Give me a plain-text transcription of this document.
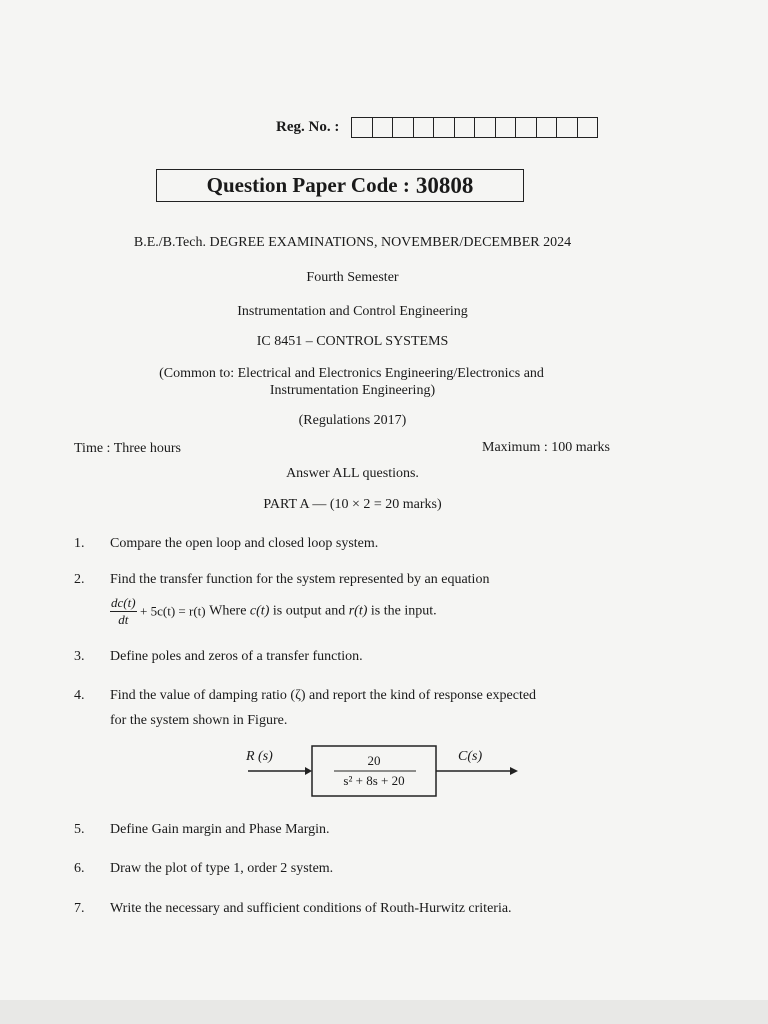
Reg. No. :
Question Paper Code : 30808
B.E./B.Tech. DEGREE EXAMINATIONS, NOVEMBER/DECEMBER 2024
Fourth Semester
Instrumentation and Control Engineering
IC 8451 – CONTROL SYSTEMS
(Common to: Electrical and Electronics Engineering/Electronics and
Instrumentation Engineering)
(Regulations 2017)
Time : Three hours	Maximum : 100 marks
Answer ALL questions.
PART A — (10 × 2 = 20 marks)
1. Compare the open loop and closed loop system.
2. Find the transfer function for the system represented by an equation
$\frac{dc(t)}{dt} + 5c(t) = r(t)$ Where c(t) is output and r(t) is the input.
3. Define poles and zeros of a transfer function.
4. Find the value of damping ratio (ζ) and report the kind of response expected
for the system shown in Figure.
R (s)	C(s)
20
s² + 8s + 20
5. Define Gain margin and Phase Margin.
6. Draw the plot of type 1, order 2 system.
7. Write the necessary and sufficient conditions of Routh-Hurwitz criteria.
